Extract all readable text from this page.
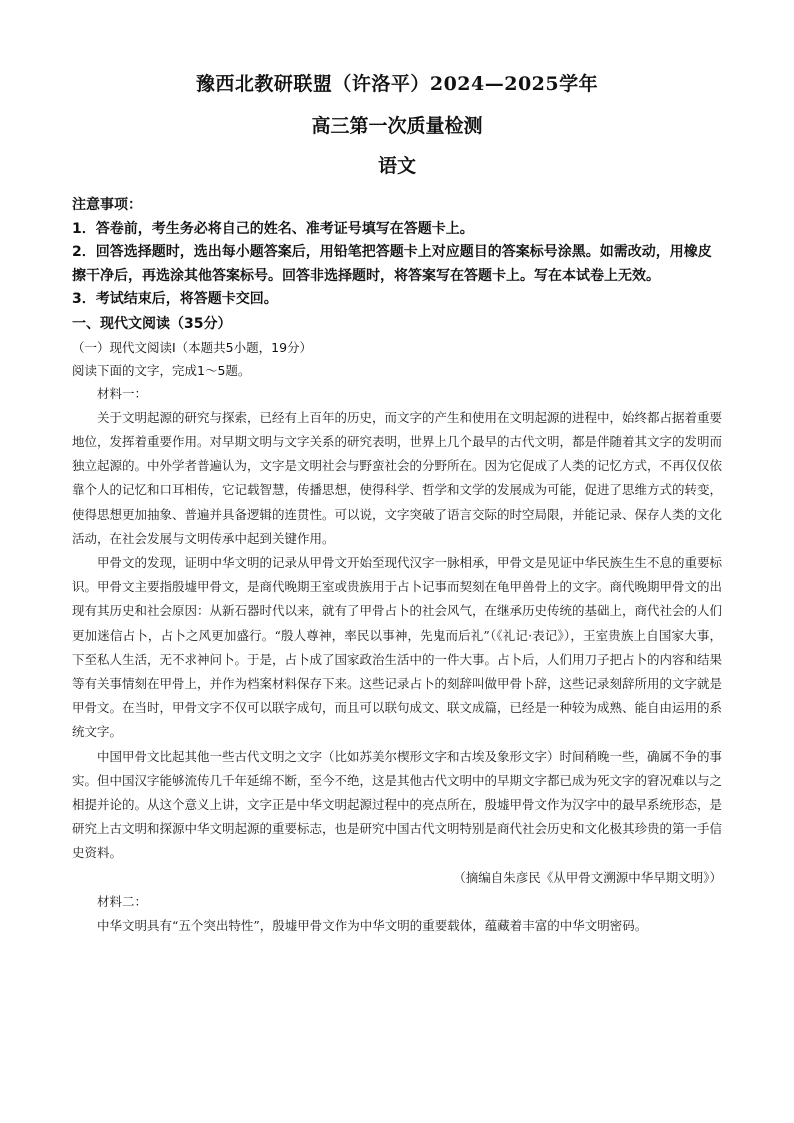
豫西北教研联盟（许洛平）2024—2025学年
高三第一次质量检测
语文

注意事项：

1．答卷前，考生务必将自己的姓名、准考证号填写在答题卡上。

2．回答选择题时，选出每小题答案后，用铅笔把答题卡上对应题目的答案标号涂黑。如需改动，用橡皮擦干净后，再选涂其他答案标号。回答非选择题时，将答案写在答题卡上。写在本试卷上无效。

3．考试结束后，将答题卡交回。

一、现代文阅读（35分）

（一）现代文阅读Ⅰ（本题共5小题，19分）

阅读下面的文字，完成1～5题。

材料一：

关于文明起源的研究与探索，已经有上百年的历史，而文字的产生和使用在文明起源的进程中，始终都占据着重要地位，发挥着重要作用。对早期文明与文字关系的研究表明，世界上几个最早的古代文明，都是伴随着其文字的发明而独立起源的。中外学者普遍认为，文字是文明社会与野蛮社会的分野所在。因为它促成了人类的记忆方式，不再仅仅依靠个人的记忆和口耳相传，它记载智慧，传播思想，使得科学、哲学和文学的发展成为可能，促进了思维方式的转变，使得思想更加抽象、普遍并具备逻辑的连贯性。可以说，文字突破了语言交际的时空局限，并能记录、保存人类的文化活动，在社会发展与文明传承中起到关键作用。

甲骨文的发现，证明中华文明的记录从甲骨文开始至现代汉字一脉相承，甲骨文是见证中华民族生生不息的重要标识。甲骨文主要指殷墟甲骨文，是商代晚期王室或贵族用于占卜记事而契刻在龟甲兽骨上的文字。商代晚期甲骨文的出现有其历史和社会原因：从新石器时代以来，就有了甲骨占卜的社会风气，在继承历史传统的基础上，商代社会的人们更加迷信占卜，占卜之风更加盛行。“殷人尊神，率民以事神，先鬼而后礼”（《礼记·表记》），王室贵族上自国家大事，下至私人生活，无不求神问卜。于是，占卜成了国家政治生活中的一件大事。占卜后，人们用刀子把占卜的内容和结果等有关事情刻在甲骨上，并作为档案材料保存下来。这些记录占卜的刻辞叫做甲骨卜辞，这些记录刻辞所用的文字就是甲骨文。在当时，甲骨文字不仅可以联字成句，而且可以联句成文、联文成篇，已经是一种较为成熟、能自由运用的系统文字。

中国甲骨文比起其他一些古代文明之文字（比如苏美尔楔形文字和古埃及象形文字）时间稍晚一些，确属不争的事实。但中国汉字能够流传几千年延绵不断，至今不绝，这是其他古代文明中的早期文字都已成为死文字的窘况难以与之相提并论的。从这个意义上讲，文字正是中华文明起源过程中的亮点所在，殷墟甲骨文作为汉字中的最早系统形态，是研究上古文明和探源中华文明起源的重要标志，也是研究中国古代文明特别是商代社会历史和文化极其珍贵的第一手信史资料。

（摘编自朱彦民《从甲骨文溯源中华早期文明》）

材料二：

中华文明具有“五个突出特性”，殷墟甲骨文作为中华文明的重要载体，蕴藏着丰富的中华文明密码。
